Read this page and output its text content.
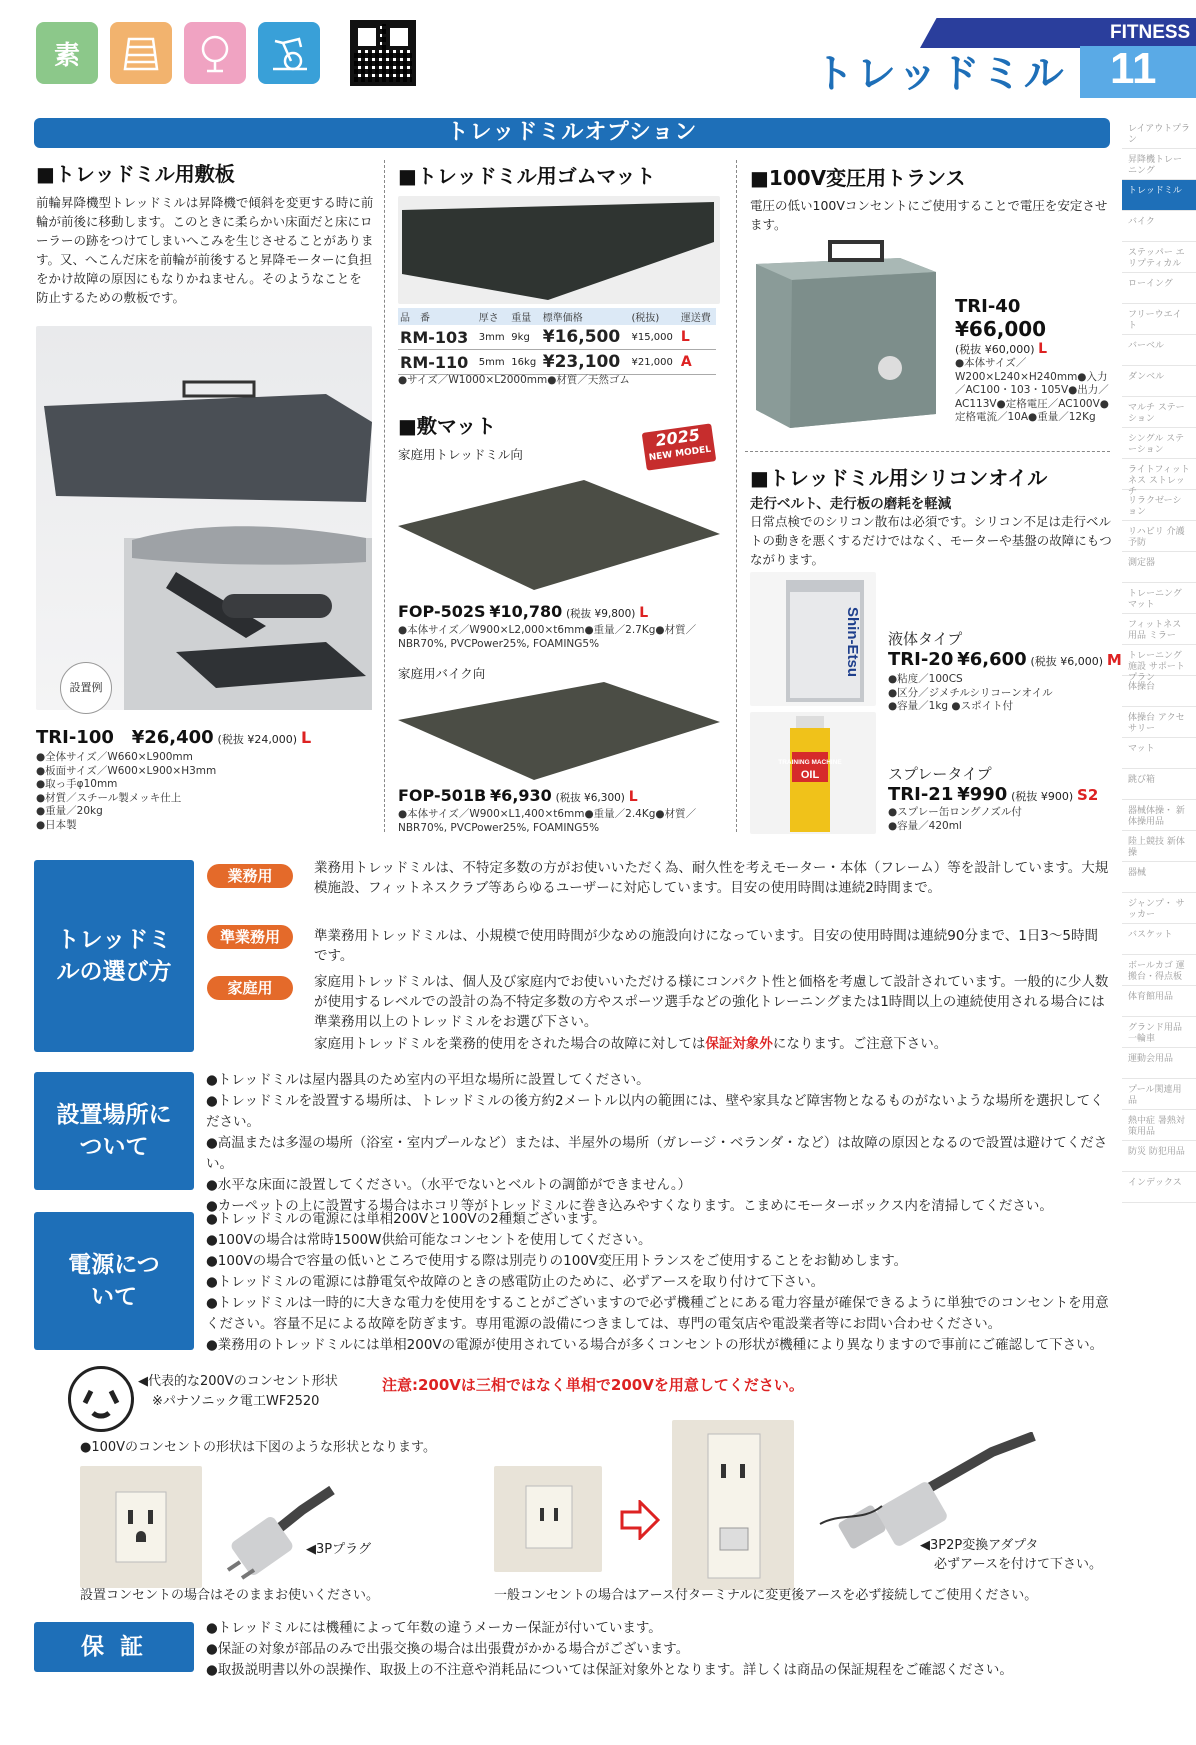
素
FITNESS
11
トレッドミル
トレッドミルオプション	レイアウトプラン
昇降機トレーニング
トレッドミル
バイク
ステッパー エリプティカル
ローイング
フリーウエイト
バーベル
ダンベル
マルチ ステーション
シングル ステーション
ライトフィットネス ストレッチ
リラクゼーション
リハビリ 介護予防
測定器
トレーニングマット
フィットネス用品 ミラー
トレーニング施設 サポートプラン
体操台
体操台 アクセサリー
マット
跳び箱
器械体操・ 新体操用品
陸上競技 新体操
器械
ジャンプ・ サッカー
バスケット
ボールカゴ 運搬台・得点板
体育館用品
グランド用品 一輪車
運動会用品
プール関連用品
熱中症 暑熱対策用品
防災 防犯用品
インデックス
■トレッドミル用敷板
前輪昇降機型トレッドミルは昇降機で傾斜を変更する時に前輪が前後に移動します。このときに柔らかい床面だと床にローラーの跡をつけてしまいへこみを生じさせることがあります。又、へこんだ床を前輪が前後すると昇降モーターに負担をかけ故障の原因にもなりかねません。そのようなことを防止するための敷板です。
設置例
TRI-100 ¥26,400 (税抜 ¥24,000) L
●全体サイズ／W660×L900mm
●板面サイズ／W600×L900×H3mm
●取っ手φ10mm
●材質／スチール製メッキ仕上
●重量／20kg
●日本製
■トレッドミル用ゴムマット
品　番	厚さ	重量	標準価格	(税抜)	運送費
RM-103	3mm	9kg	¥16,500	¥15,000	L
RM-110	5mm	16kg	¥23,100	¥21,000	A
●サイズ／W1000×L2000mm●材質／天然ゴム
■敷マット
家庭用トレッドミル向
2025
NEW MODEL
FOP-502S ¥10,780 (税抜 ¥9,800) L
●本体サイズ／W900×L2,000×t6mm●重量／2.7Kg●材質／NBR70%, PVCPower25%, FOAMING5%
家庭用バイク向
FOP-501B ¥6,930 (税抜 ¥6,300) L
●本体サイズ／W900×L1,400×t6mm●重量／2.4Kg●材質／NBR70%, PVCPower25%, FOAMING5%
■100V変圧用トランス
電圧の低い100Vコンセントにご使用することで電圧を安定させます。
TRI-40
¥66,000
(税抜 ¥60,000) L
●本体サイズ／W200×L240×H240mm●入力／AC100・103・105V●出力／AC113V●定格電圧／AC100V●定格電流／10A●重量／12Kg
■トレッドミル用シリコンオイル
走行ベルト、走行板の磨耗を軽減
日常点検でのシリコン散布は必須です。シリコン不足は走行ベルトの動きを悪くするだけではなく、モーターや基盤の故障にもつながります。
Shin-Etsu 液体タイプ
TRI-20 ¥6,600 (税抜 ¥6,000) M
●粘度／100CS
●区分／ジメチルシリコーンオイル
●容量／1kg ●スポイト付
TRAINING MACHINE
OIL	スプレータイプ
TRI-21 ¥990 (税抜 ¥900) S2
●スプレー缶ロングノズル付
●容量／420ml
トレッドミルの選び方
業務用	業務用トレッドミルは、不特定多数の方がお使いいただく為、耐久性を考えモーター・本体（フレーム）等を設計しています。大規模施設、フィットネスクラブ等あらゆるユーザーに対応しています。目安の使用時間は連続2時間まで。
準業務用	準業務用トレッドミルは、小規模で使用時間が少なめの施設向けになっています。目安の使用時間は連続90分まで、1日3〜5時間です。
家庭用	家庭用トレッドミルは、個人及び家庭内でお使いいただける様にコンパクト性と価格を考慮して設計されています。一般的に少人数が使用するレベルでの設計の為不特定多数の方やスポーツ選手などの強化トレーニングまたは1時間以上の連続使用される場合には準業務用以上のトレッドミルをお選び下さい。
家庭用トレッドミルを業務的使用をされた場合の故障に対しては保証対象外になります。ご注意下さい。
設置場所について
●トレッドミルは屋内器具のため室内の平坦な場所に設置してください。
●トレッドミルを設置する場所は、トレッドミルの後方約2メートル以内の範囲には、壁や家具など障害物となるものがないような場所を選択してください。
●高温または多湿の場所（浴室・室内プールなど）または、半屋外の場所（ガレージ・ベランダ・など）は故障の原因となるので設置は避けてください。
●水平な床面に設置してください。（水平でないとベルトの調節ができません。）
●カーペットの上に設置する場合はホコリ等がトレッドミルに巻き込みやすくなります。こまめにモーターボックス内を清掃してください。
電源について
●トレッドミルの電源には単相200Vと100Vの2種類ございます。
●100Vの場合は常時1500W供給可能なコンセントを使用してください。
●100Vの場合で容量の低いところで使用する際は別売りの100V変圧用トランスをご使用することをお勧めします。
●トレッドミルの電源には静電気や故障のときの感電防止のために、必ずアースを取り付けて下さい。
●トレッドミルは一時的に大きな電力を使用をすることがございますので必ず機種ごとにある電力容量が確保できるように単独でのコンセントを用意ください。容量不足による故障を防ぎます。専用電源の設備につきましては、専門の電気店や電設業者等にお問い合わせください。
●業務用のトレッドミルには単相200Vの電源が使用されている場合が多くコンセントの形状が機種により異なりますので事前にご確認して下さい。
◀代表的な200Vのコンセント形状
※パナソニック電工WF2520
注意:200Vは三相ではなく単相で200Vを用意してください。
●100Vのコンセントの形状は下図のような形状となります。
◀3Pプラグ	◀3P2P変換アダプタ
必ずアースを付けて下さい。
設置コンセントの場合はそのままお使いください。	一般コンセントの場合はアース付ターミナルに変更後アースを必ず接続してご使用ください。
保 証
●トレッドミルには機種によって年数の違うメーカー保証が付いています。
●保証の対象が部品のみで出張交換の場合は出張費がかかる場合がございます。
●取扱説明書以外の誤操作、取扱上の不注意や消耗品については保証対象外となります。詳しくは商品の保証規程をご確認ください。
